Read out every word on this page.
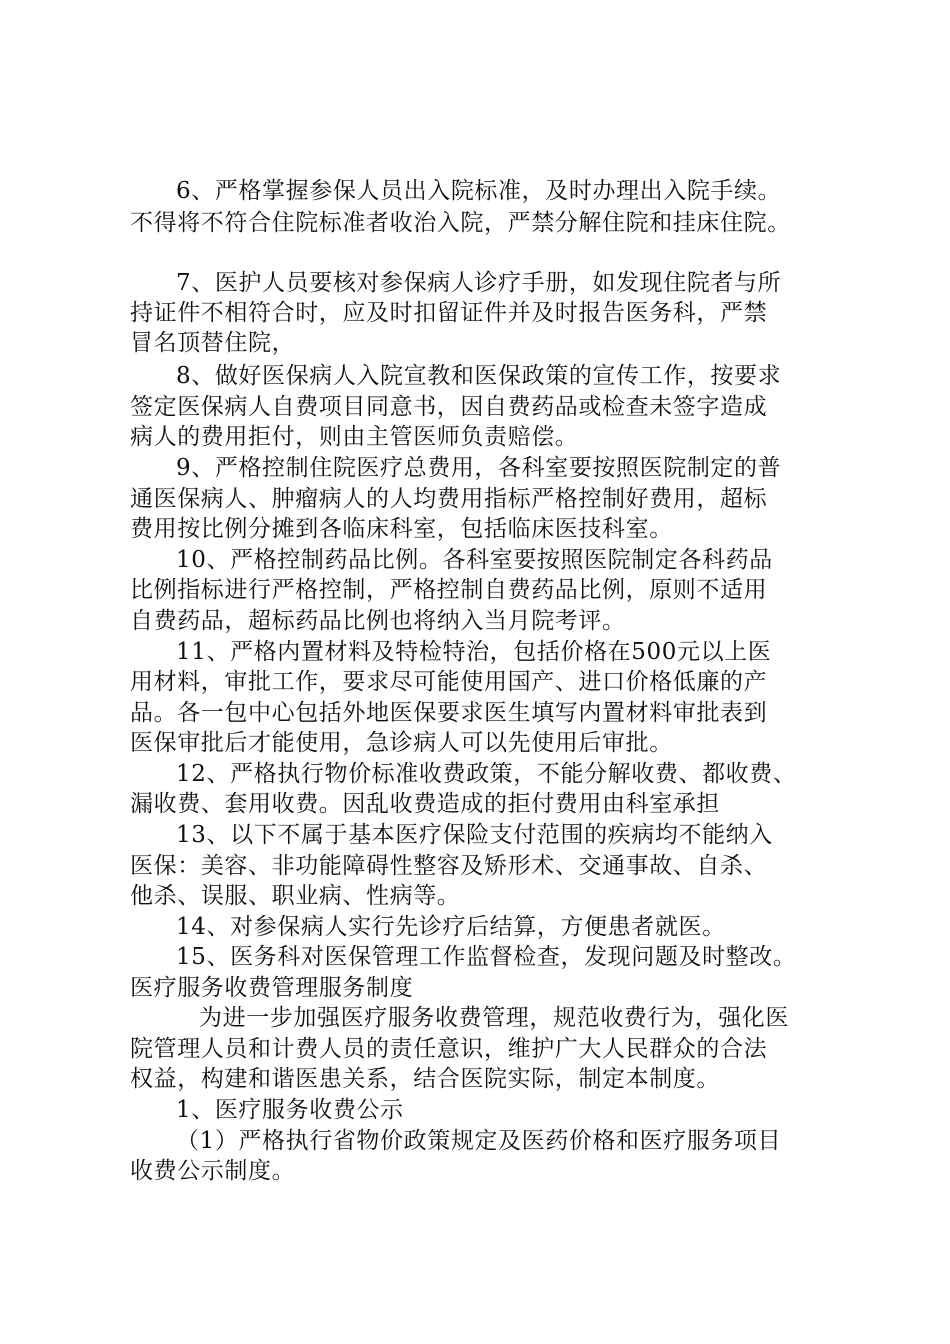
6、严格掌握参保人员出入院标准，及时办理出入院手续。
不得将不符合住院标准者收治入院，严禁分解住院和挂床住院。
7、医护人员要核对参保病人诊疗手册，如发现住院者与所
持证件不相符合时，应及时扣留证件并及时报告医务科，严禁
冒名顶替住院，
8、做好医保病人入院宣教和医保政策的宣传工作，按要求
签定医保病人自费项目同意书，因自费药品或检查未签字造成
病人的费用拒付，则由主管医师负责赔偿。
9、严格控制住院医疗总费用，各科室要按照医院制定的普
通医保病人、肿瘤病人的人均费用指标严格控制好费用，超标
费用按比例分摊到各临床科室，包括临床医技科室。
10、严格控制药品比例。各科室要按照医院制定各科药品
比例指标进行严格控制，严格控制自费药品比例，原则不适用
自费药品，超标药品比例也将纳入当月院考评。
11、严格内置材料及特检特治，包括价格在500元以上医
用材料，审批工作，要求尽可能使用国产、进口价格低廉的产
品。各一包中心包括外地医保要求医生填写内置材料审批表到
医保审批后才能使用，急诊病人可以先使用后审批。
12、严格执行物价标准收费政策，不能分解收费、都收费、
漏收费、套用收费。因乱收费造成的拒付费用由科室承担
13、以下不属于基本医疗保险支付范围的疾病均不能纳入
医保：美容、非功能障碍性整容及矫形术、交通事故、自杀、
他杀、误服、职业病、性病等。
14、对参保病人实行先诊疗后结算，方便患者就医。
15、医务科对医保管理工作监督检查，发现问题及时整改。
医疗服务收费管理服务制度
为进一步加强医疗服务收费管理，规范收费行为，强化医
院管理人员和计费人员的责任意识，维护广大人民群众的合法
权益，构建和谐医患关系，结合医院实际，制定本制度。
1、医疗服务收费公示
（1）严格执行省物价政策规定及医药价格和医疗服务项目
收费公示制度。
